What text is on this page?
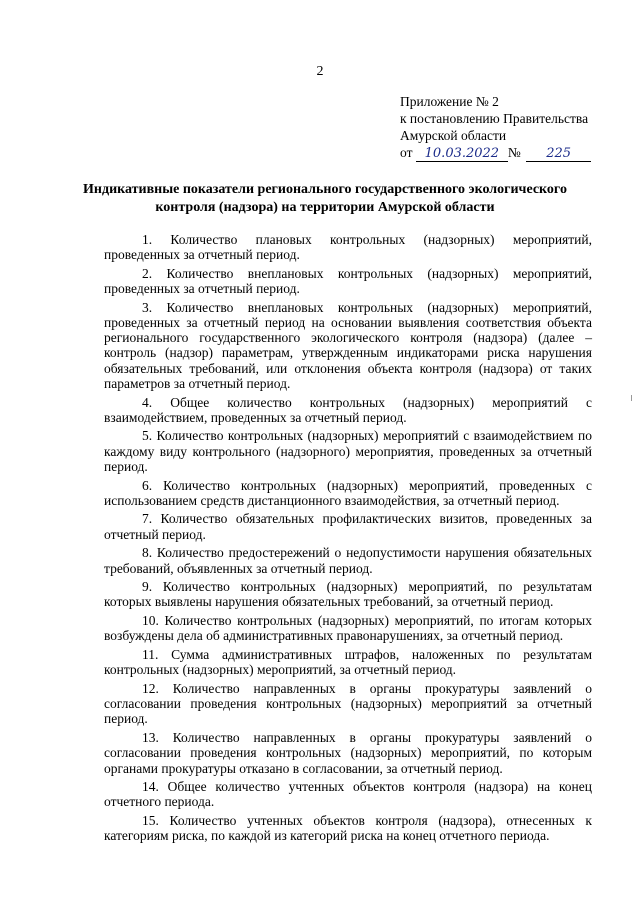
2
Приложение № 2
к постановлению Правительства
Амурской области
от 10.03.2022 № 225
Индикативные показатели регионального государственного экологического
контроля (надзора) на территории Амурской области

1. Количество плановых контрольных (надзорных) мероприятий, проведенных за отчетный период.

2. Количество внеплановых контрольных (надзорных) мероприятий, проведенных за отчетный период.

3. Количество внеплановых контрольных (надзорных) мероприятий, проведенных за отчетный период на основании выявления соответствия объекта регионального государственного экологического контроля (надзора) (далее – контроль (надзор) параметрам, утвержденным индикаторами риска нарушения обязательных требований, или отклонения объекта контроля (надзора) от таких параметров за отчетный период.

4. Общее количество контрольных (надзорных) мероприятий с взаимодействием, проведенных за отчетный период.

5. Количество контрольных (надзорных) мероприятий с взаимодействием по каждому виду контрольного (надзорного) мероприятия, проведенных за отчетный период.

6. Количество контрольных (надзорных) мероприятий, проведенных с использованием средств дистанционного взаимодействия, за отчетный период.

7. Количество обязательных профилактических визитов, проведенных за отчетный период.

8. Количество предостережений о недопустимости нарушения обязательных требований, объявленных за отчетный период.

9. Количество контрольных (надзорных) мероприятий, по результатам которых выявлены нарушения обязательных требований, за отчетный период.

10. Количество контрольных (надзорных) мероприятий, по итогам которых возбуждены дела об административных правонарушениях, за отчетный период.

11. Сумма административных штрафов, наложенных по результатам контрольных (надзорных) мероприятий, за отчетный период.

12. Количество направленных в органы прокуратуры заявлений о согласовании проведения контрольных (надзорных) мероприятий за отчетный период.

13. Количество направленных в органы прокуратуры заявлений о согласовании проведения контрольных (надзорных) мероприятий, по которым органами прокуратуры отказано в согласовании, за отчетный период.

14. Общее количество учтенных объектов контроля (надзора) на конец отчетного периода.

15. Количество учтенных объектов контроля (надзора), отнесенных к категориям риска, по каждой из категорий риска на конец отчетного периода.
